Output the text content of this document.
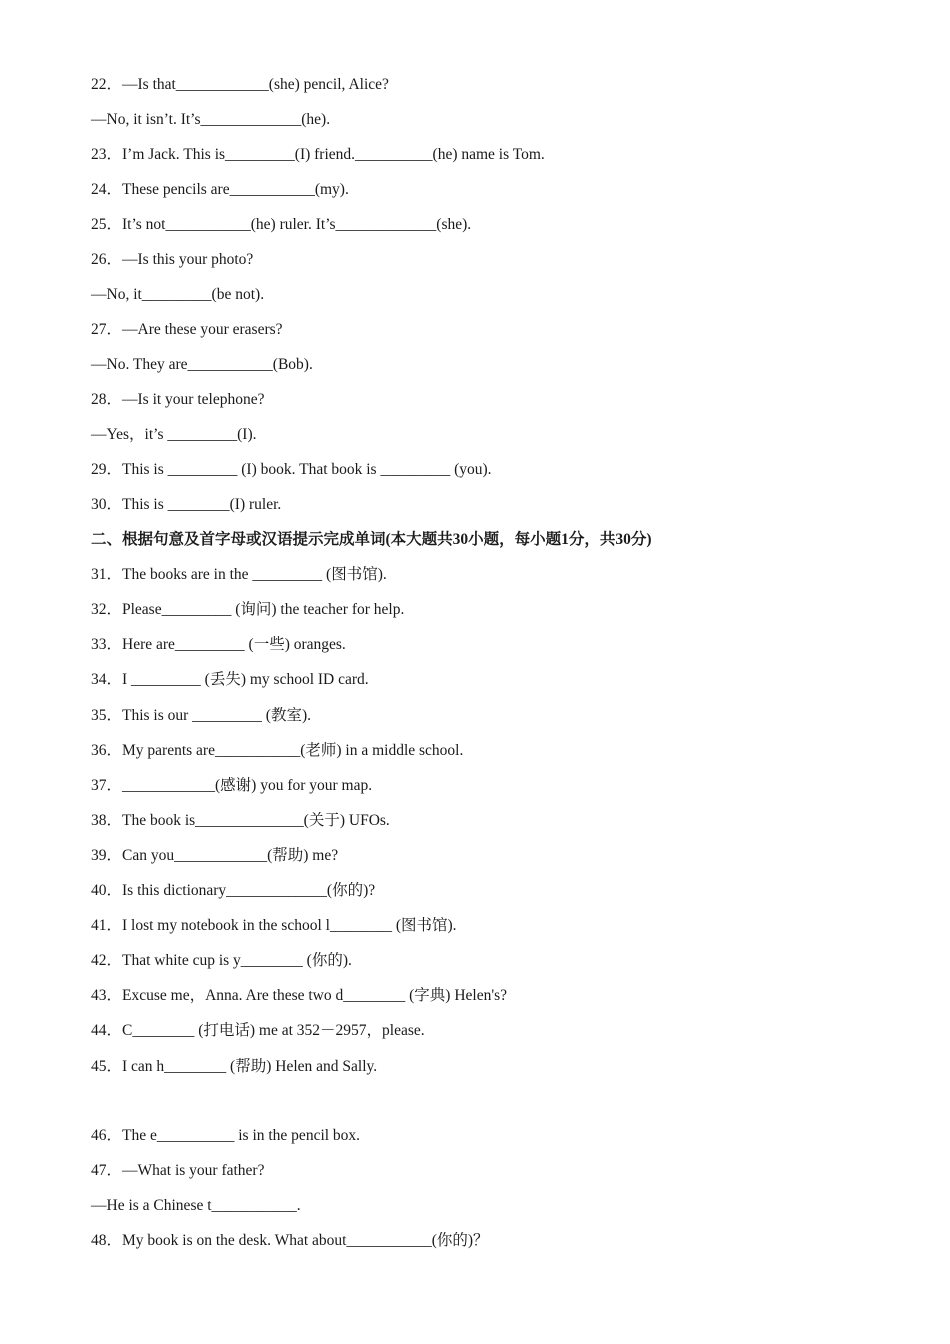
22．—Is that____________(she) pencil, Alice?
—No, it isn’t. It’s_____________(he).
23．I’m Jack. This is_________(I) friend.__________(he) name is Tom.
24．These pencils are___________(my).
25．It’s not___________(he) ruler. It’s_____________(she).
26．—Is this your photo?
—No, it_________(be not).
27．—Are these your erasers?
—No. They are___________(Bob).
28．—Is it your telephone?
—Yes，it’s _________(I).
29．This is _________ (I) book. That book is _________ (you).
30．This is ________(I) ruler.
二、根据句意及首字母或汉语提示完成单词(本大题共30小题，每小题1分，共30分)
31．The books are in the _________ (图书馆).
32．Please_________ (询问) the teacher for help.
33．Here are_________ (一些) oranges.
34．I _________ (丢失) my school ID card.
35．This is our _________ (教室).
36．My parents are___________(老师) in a middle school.
37．____________(感谢) you for your map.
38．The book is______________(关于) UFOs.
39．Can you____________(帮助) me?
40．Is this dictionary_____________(你的)?
41．I lost my notebook in the school l________ (图书馆).
42．That white cup is y________ (你的).
43．Excuse me，Anna. Are these two d________ (字典) Helen's?
44．C________ (打电话) me at 352－2957，please.
45．I can h________ (帮助) Helen and Sally.
46．The e__________ is in the pencil box.
47．—What is your father?
—He is a Chinese t___________.
48．My book is on the desk. What about___________(你的)？
